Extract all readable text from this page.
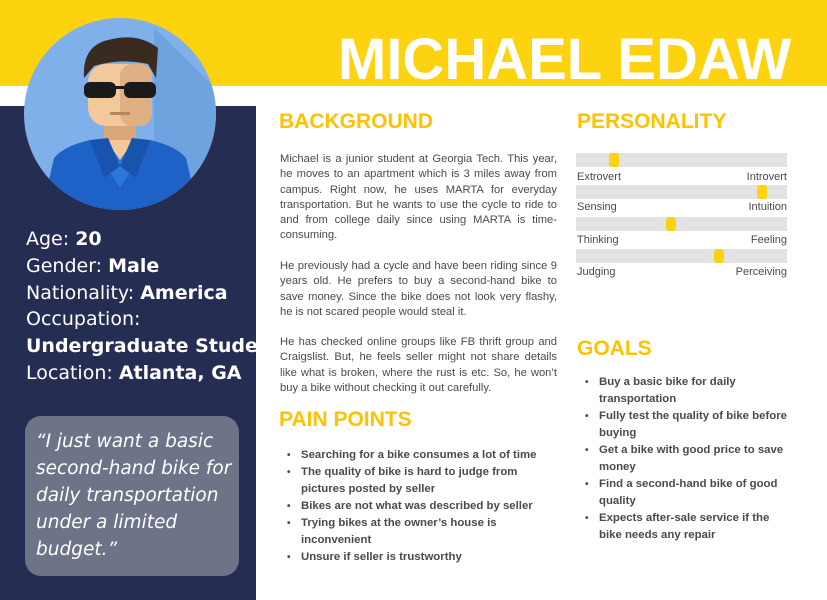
MICHAEL EDAW
Age: 20
Gender: Male
Nationality: America
Occupation:
Undergraduate Student
Location: Atlanta, GA

“I just want a basic second-hand bike for daily transportation under a limited budget.”

BACKGROUND

Michael is a junior student at Georgia Tech. This year, he moves to an apartment which is 3 miles away from campus. Right now, he uses MARTA for everyday transportation. But he wants to use the cycle to ride to and from college daily since using MARTA is time-consuming.

He previously had a cycle and have been riding since 9 years old. He prefers to buy a second-hand bike to save money. Since the bike does not look very flashy, he is not scared people would steal it.

He has checked online groups like FB thrift group and Craigslist. But, he feels seller might not share details like what is broken, where the rust is etc. So, he won’t buy a bike without checking it out carefully.

PAIN POINTS
• Searching for a bike consumes a lot of time
• The quality of bike is hard to judge from pictures posted by seller
• Bikes are not what was described by seller
• Trying bikes at the owner’s house is inconvenient
• Unsure if seller is trustworthy
PERSONALITY
Extrovert	Introvert
Sensing	Intuition
Thinking	Feeling
Judging	Perceiving
GOALS
• Buy a basic bike for daily transportation
• Fully test the quality of bike before buying
• Get a bike with good price to save money
• Find a second-hand bike of good quality
• Expects after-sale service if the bike needs any repair
